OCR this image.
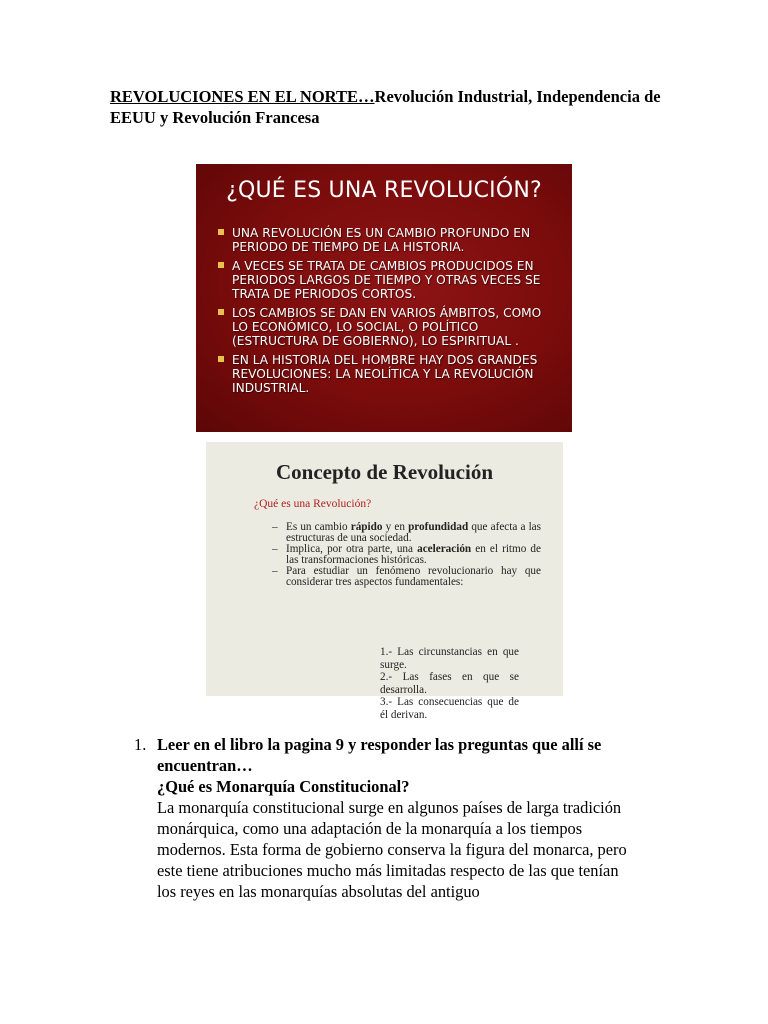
REVOLUCIONES EN EL NORTE…Revolución Industrial, Independencia de EEUU y Revolución Francesa
¿QUÉ ES UNA REVOLUCIÓN?
UNA REVOLUCIÓN ES UN CAMBIO PROFUNDO EN PERIODO DE TIEMPO DE LA HISTORIA.
A VECES SE TRATA DE CAMBIOS PRODUCIDOS EN PERIODOS LARGOS DE TIEMPO Y OTRAS VECES SE TRATA DE PERIODOS CORTOS.
LOS CAMBIOS SE DAN EN VARIOS ÁMBITOS, COMO LO ECONÓMICO, LO SOCIAL, O POLÍTICO (ESTRUCTURA DE GOBIERNO), LO ESPIRITUAL .
EN LA HISTORIA DEL HOMBRE HAY DOS GRANDES REVOLUCIONES: LA NEOLÍTICA Y LA REVOLUCIÓN INDUSTRIAL.
Concepto de Revolución
¿Qué es una Revolución?
– Es un cambio rápido y en profundidad que afecta a las estructuras de una sociedad.
– Implica, por otra parte, una aceleración en el ritmo de las transformaciones históricas.
– Para estudiar un fenómeno revolucionario hay que considerar tres aspectos fundamentales:
1.- Las circunstancias en que surge.
2.- Las fases en que se desarrolla.
3.- Las consecuencias que de él derivan.
1. Leer en el libro la pagina 9 y responder las preguntas que allí se encuentran…
¿Qué es Monarquía Constitucional?
La monarquía constitucional surge en algunos países de larga tradición monárquica, como una adaptación de la monarquía a los tiempos modernos. Esta forma de gobierno conserva la figura del monarca, pero este tiene atribuciones mucho más limitadas respecto de las que tenían los reyes en las monarquías absolutas del antiguo
